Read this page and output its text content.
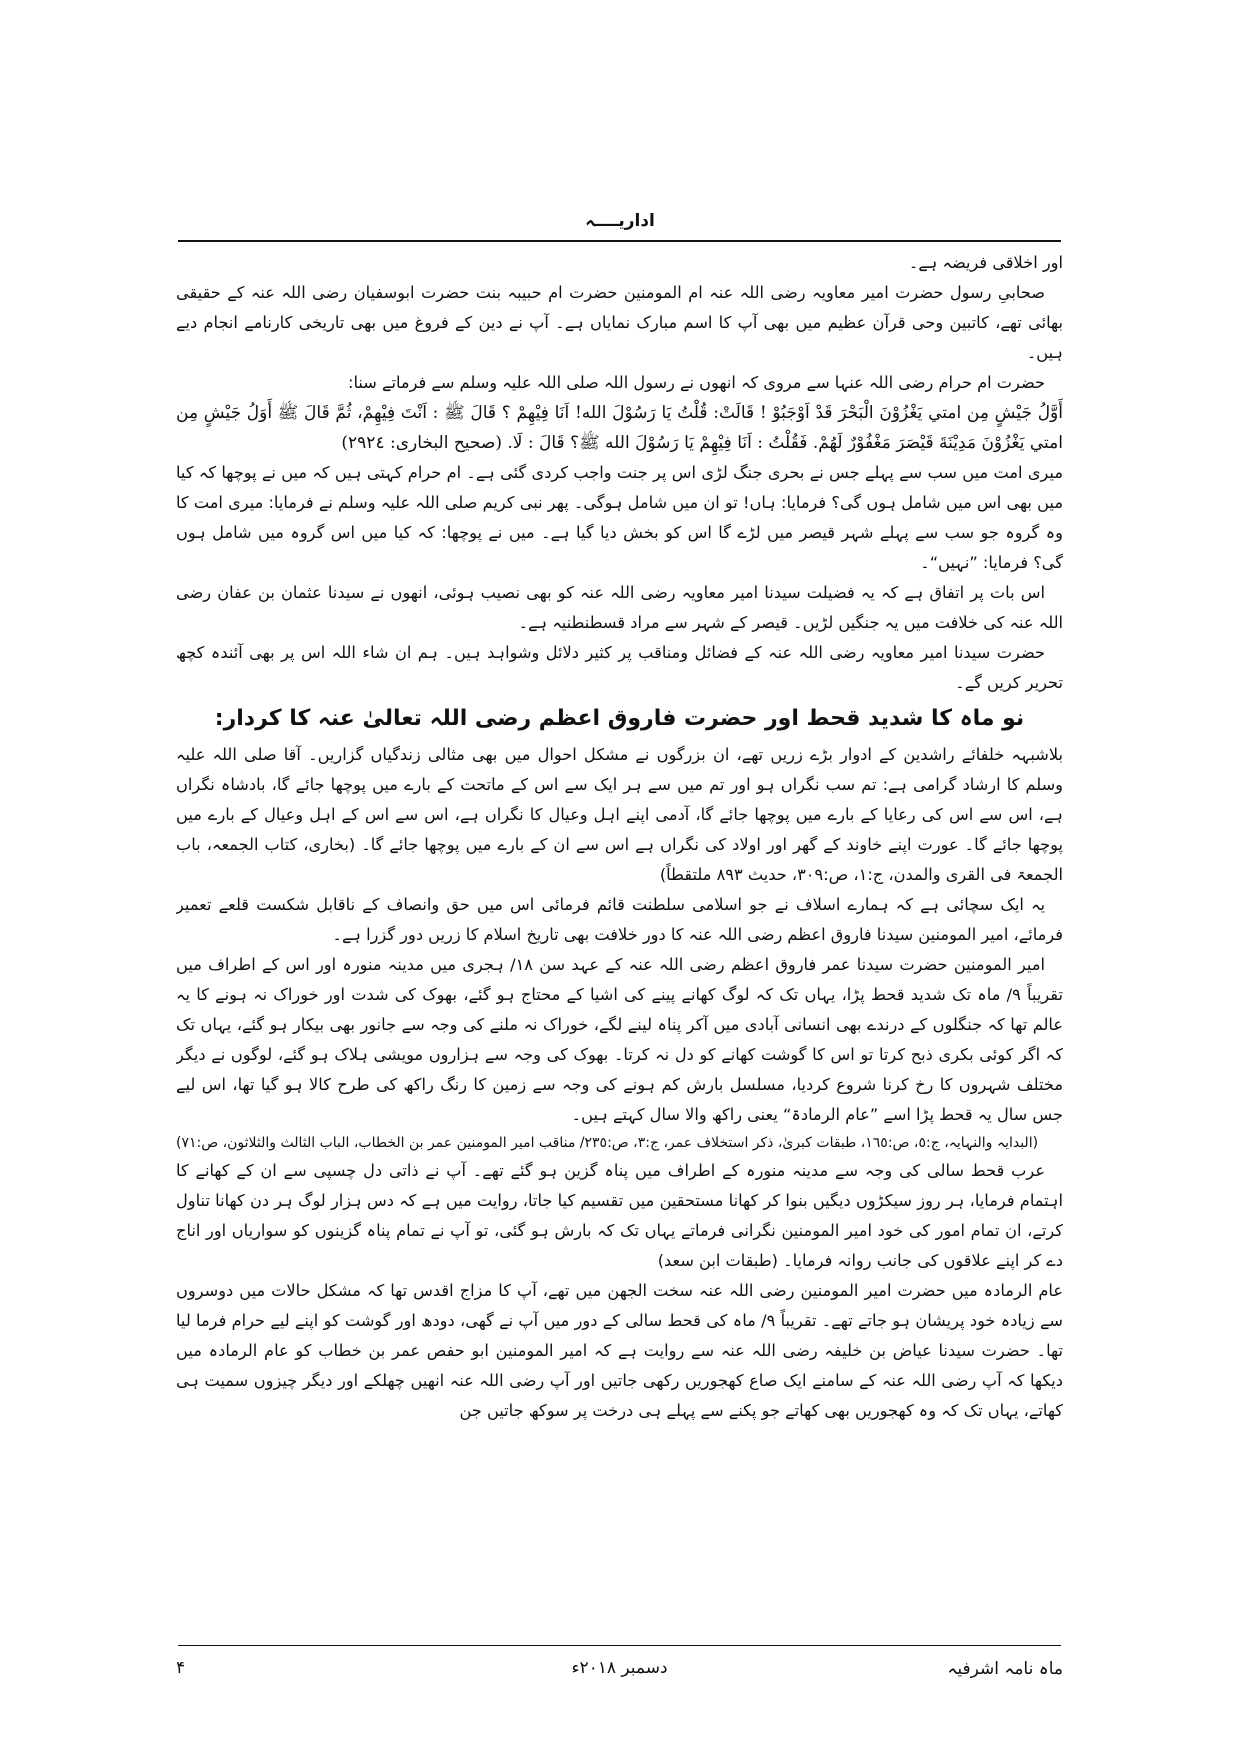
اداریــــہ

اور اخلاقی فریضہ ہے۔

صحابیِ رسول حضرت امیر معاویہ رضی اللہ عنہ ام المومنین حضرت ام حبیبہ بنت حضرت ابوسفیان رضی اللہ عنہ کے حقیقی بھائی تھے، کاتبین وحی قرآن عظیم میں بھی آپ کا اسم مبارک نمایاں ہے۔ آپ نے دین کے فروغ میں بھی تاریخی کارنامے انجام دیے ہیں۔

حضرت ام حرام رضی اللہ عنہا سے مروی کہ انھوں نے رسول اللہ صلی اللہ علیہ وسلم سے فرماتے سنا:

أَوَّلُ جَيْشٍ مِن امتي يَغْزُوْنَ الْبَحْرَ قَدْ اَوْجَبُوْ ! قَالَتْ: قُلْتُ يَا رَسُوْلَ الله! اَنَا فِيْهِمْ ؟ قَالَ ﷺ : اَنْتَ فِيْهِمْ، ثُمَّ قَالَ ﷺ أَوَلُ جَيْشٍ مِن امتي يَغْزُوْنَ مَدِيْنَةَ قَيْصَرَ مَغْفُوْرٌ لَهُمْ. فَقُلْتُ : اَنَا فِيْهِمْ يَا رَسُوْلَ الله ﷺ؟ قَالَ : لَا. (صحيح البخاری: ٢٩٢٤)

میری امت میں سب سے پہلے جس نے بحری جنگ لڑی اس پر جنت واجب کردی گئی ہے۔ ام حرام کہتی ہیں کہ میں نے پوچھا کہ کیا میں بھی اس میں شامل ہوں گی؟ فرمایا: ہاں! تو ان میں شامل ہوگی۔ پھر نبی کریم صلی اللہ علیہ وسلم نے فرمایا: میری امت کا وہ گروہ جو سب سے پہلے شہر قیصر میں لڑے گا اس کو بخش دیا گیا ہے۔ میں نے پوچھا: کہ کیا میں اس گروہ میں شامل ہوں گی؟ فرمایا: ”نہیں“۔

اس بات پر اتفاق ہے کہ یہ فضیلت سیدنا امیر معاویہ رضی اللہ عنہ کو بھی نصیب ہوئی، انھوں نے سیدنا عثمان بن عفان رضی اللہ عنہ کی خلافت میں یہ جنگیں لڑیں۔ قیصر کے شہر سے مراد قسطنطنیہ ہے۔

حضرت سیدنا امیر معاویہ رضی اللہ عنہ کے فضائل ومناقب پر کثیر دلائل وشواہد ہیں۔ ہم ان شاء اللہ اس پر بھی آئندہ کچھ تحریر کریں گے۔

نو ماہ کا شدید قحط اور حضرت فاروق اعظم رضی اللہ تعالیٰ عنہ کا کردار:

بلاشبہہ خلفائے راشدین کے ادوار بڑے زریں تھے، ان بزرگوں نے مشکل احوال میں بھی مثالی زندگیاں گزاریں۔ آقا صلی اللہ علیہ وسلم کا ارشاد گرامی ہے: تم سب نگراں ہو اور تم میں سے ہر ایک سے اس کے ماتحت کے بارے میں پوچھا جائے گا، بادشاہ نگراں ہے، اس سے اس کی رعایا کے بارے میں پوچھا جائے گا، آدمی اپنے اہل وعیال کا نگراں ہے، اس سے اس کے اہل وعیال کے بارے میں پوچھا جائے گا۔ عورت اپنے خاوند کے گھر اور اولاد کی نگراں ہے اس سے ان کے بارے میں پوچھا جائے گا۔ (بخاری، کتاب الجمعہ، باب الجمعۃ فی القری والمدن، ج:١، ص:٣٠٩، حدیث ٨٩٣ ملتقطاً)

یہ ایک سچائی ہے کہ ہمارے اسلاف نے جو اسلامی سلطنت قائم فرمائی اس میں حق وانصاف کے ناقابل شکست قلعے تعمیر فرمائے، امیر المومنین سیدنا فاروق اعظم رضی اللہ عنہ کا دور خلافت بھی تاریخ اسلام کا زریں دور گزرا ہے۔

امیر المومنین حضرت سیدنا عمر فاروق اعظم رضی اللہ عنہ کے عہد سن ١٨/ ہجری میں مدینہ منورہ اور اس کے اطراف میں تقریباً ٩/ ماہ تک شدید قحط پڑا، یہاں تک کہ لوگ کھانے پینے کی اشیا کے محتاج ہو گئے، بھوک کی شدت اور خوراک نہ ہونے کا یہ عالم تھا کہ جنگلوں کے درندے بھی انسانی آبادی میں آکر پناہ لینے لگے، خوراک نہ ملنے کی وجہ سے جانور بھی بیکار ہو گئے، یہاں تک کہ اگر کوئی بکری ذبح کرتا تو اس کا گوشت کھانے کو دل نہ کرتا۔ بھوک کی وجہ سے ہزاروں مویشی ہلاک ہو گئے، لوگوں نے دیگر مختلف شہروں کا رخ کرنا شروع کردیا، مسلسل بارش کم ہونے کی وجہ سے زمین کا رنگ راکھ کی طرح کالا ہو گیا تھا، اس لیے جس سال یہ قحط پڑا اسے ”عام الرمادۃ“ یعنی راکھ والا سال کہتے ہیں۔

(البدایہ والنہایہ، ج:٥، ص:١٦٥، طبقات کبریٰ، ذکر استخلاف عمر، ج:٣، ص:٢٣٥/ مناقب امیر المومنین عمر بن الخطاب، الباب الثالث والثلاثون، ص:٧١)

عرب قحط سالی کی وجہ سے مدینہ منورہ کے اطراف میں پناہ گزین ہو گئے تھے۔ آپ نے ذاتی دل چسپی سے ان کے کھانے کا اہتمام فرمایا، ہر روز سیکڑوں دیگیں بنوا کر کھانا مستحقین میں تقسیم کیا جاتا، روایت میں ہے کہ دس ہزار لوگ ہر دن کھانا تناول کرتے، ان تمام امور کی خود امیر المومنین نگرانی فرماتے یہاں تک کہ بارش ہو گئی، تو آپ نے تمام پناہ گزینوں کو سواریاں اور اناج دے کر اپنے علاقوں کی جانب روانہ فرمایا۔ (طبقات ابن سعد)

عام الرمادہ میں حضرت امیر المومنین رضی اللہ عنہ سخت الجھن میں تھے، آپ کا مزاج اقدس تھا کہ مشکل حالات میں دوسروں سے زیادہ خود پریشان ہو جاتے تھے۔ تقریباً ٩/ ماہ کی قحط سالی کے دور میں آپ نے گھی، دودھ اور گوشت کو اپنے لیے حرام فرما لیا تھا۔ حضرت سیدنا عیاض بن خلیفہ رضی اللہ عنہ سے روایت ہے کہ امیر المومنین ابو حفص عمر بن خطاب کو عام الرمادہ میں دیکھا کہ آپ رضی اللہ عنہ کے سامنے ایک صاع کھجوریں رکھی جاتیں اور آپ رضی اللہ عنہ انھیں چھلکے اور دیگر چیزوں سمیت ہی کھاتے، یہاں تک کہ وہ کھجوریں بھی کھاتے جو پکنے سے پہلے ہی درخت پر سوکھ جاتیں جن

ماہ نامہ اشرفیہ
دسمبر ٢٠١٨ء
۴
